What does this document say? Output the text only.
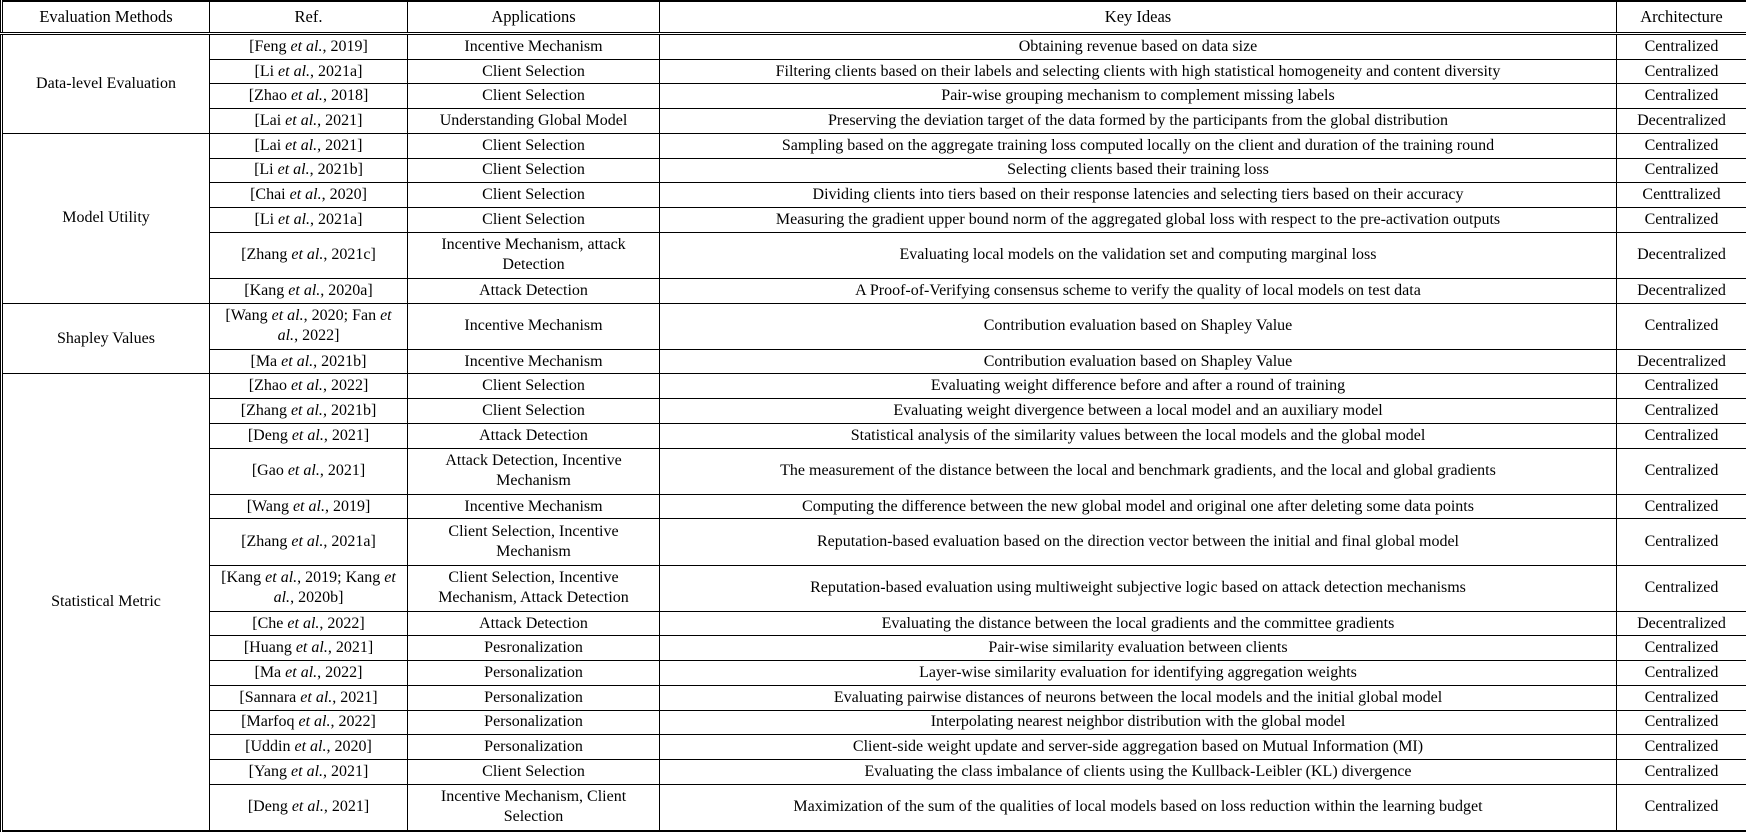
Evaluation Methods	Ref.	Applications	Key Ideas	Architecture
Data-level Evaluation	[Feng et al., 2019]	Incentive Mechanism	Obtaining revenue based on data size	Centralized
	[Li et al., 2021a]	Client Selection	Filtering clients based on their labels and selecting clients with high statistical homogeneity and content diversity	Centralized
	[Zhao et al., 2018]	Client Selection	Pair-wise grouping mechanism to complement missing labels	Centralized
	[Lai et al., 2021]	Understanding Global Model	Preserving the deviation target of the data formed by the participants from the global distribution	Decentralized
Model Utility	[Lai et al., 2021]	Client Selection	Sampling based on the aggregate training loss computed locally on the client and duration of the training round	Centralized
	[Li et al., 2021b]	Client Selection	Selecting clients based their training loss	Centralized
	[Chai et al., 2020]	Client Selection	Dividing clients into tiers based on their response latencies and selecting tiers based on their accuracy	Centtralized
	[Li et al., 2021a]	Client Selection	Measuring the gradient upper bound norm of the aggregated global loss with respect to the pre-activation outputs	Centralized
	[Zhang et al., 2021c]	Incentive Mechanism, attack Detection	Evaluating local models on the validation set and computing marginal loss	Decentralized
	[Kang et al., 2020a]	Attack Detection	A Proof-of-Verifying consensus scheme to verify the quality of local models on test data	Decentralized
Shapley Values	[Wang et al., 2020; Fan et al., 2022]	Incentive Mechanism	Contribution evaluation based on Shapley Value	Centralized
	[Ma et al., 2021b]	Incentive Mechanism	Contribution evaluation based on Shapley Value	Decentralized
Statistical Metric	[Zhao et al., 2022]	Client Selection	Evaluating weight difference before and after a round of training	Centralized
	[Zhang et al., 2021b]	Client Selection	Evaluating weight divergence between a local model and an auxiliary model	Centralized
	[Deng et al., 2021]	Attack Detection	Statistical analysis of the similarity values between the local models and the global model	Centralized
	[Gao et al., 2021]	Attack Detection, Incentive Mechanism	The measurement of the distance between the local and benchmark gradients, and the local and global gradients	Centralized
	[Wang et al., 2019]	Incentive Mechanism	Computing the difference between the new global model and original one after deleting some data points	Centralized
	[Zhang et al., 2021a]	Client Selection, Incentive Mechanism	Reputation-based evaluation based on the direction vector between the initial and final global model	Centralized
	[Kang et al., 2019; Kang et al., 2020b]	Client Selection, Incentive Mechanism, Attack Detection	Reputation-based evaluation using multiweight subjective logic based on attack detection mechanisms	Centralized
	[Che et al., 2022]	Attack Detection	Evaluating the distance between the local gradients and the committee gradients	Decentralized
	[Huang et al., 2021]	Pesronalization	Pair-wise similarity evaluation between clients	Centralized
	[Ma et al., 2022]	Personalization	Layer-wise similarity evaluation for identifying aggregation weights	Centralized
	[Sannara et al., 2021]	Personalization	Evaluating pairwise distances of neurons between the local models and the initial global model	Centralized
	[Marfoq et al., 2022]	Personalization	Interpolating nearest neighbor distribution with the global model	Centralized
	[Uddin et al., 2020]	Personalization	Client-side weight update and server-side aggregation based on Mutual Information (MI)	Centralized
	[Yang et al., 2021]	Client Selection	Evaluating the class imbalance of clients using the Kullback-Leibler (KL) divergence	Centralized
	[Deng et al., 2021]	Incentive Mechanism, Client Selection	Maximization of the sum of the qualities of local models based on loss reduction within the learning budget	Centralized
